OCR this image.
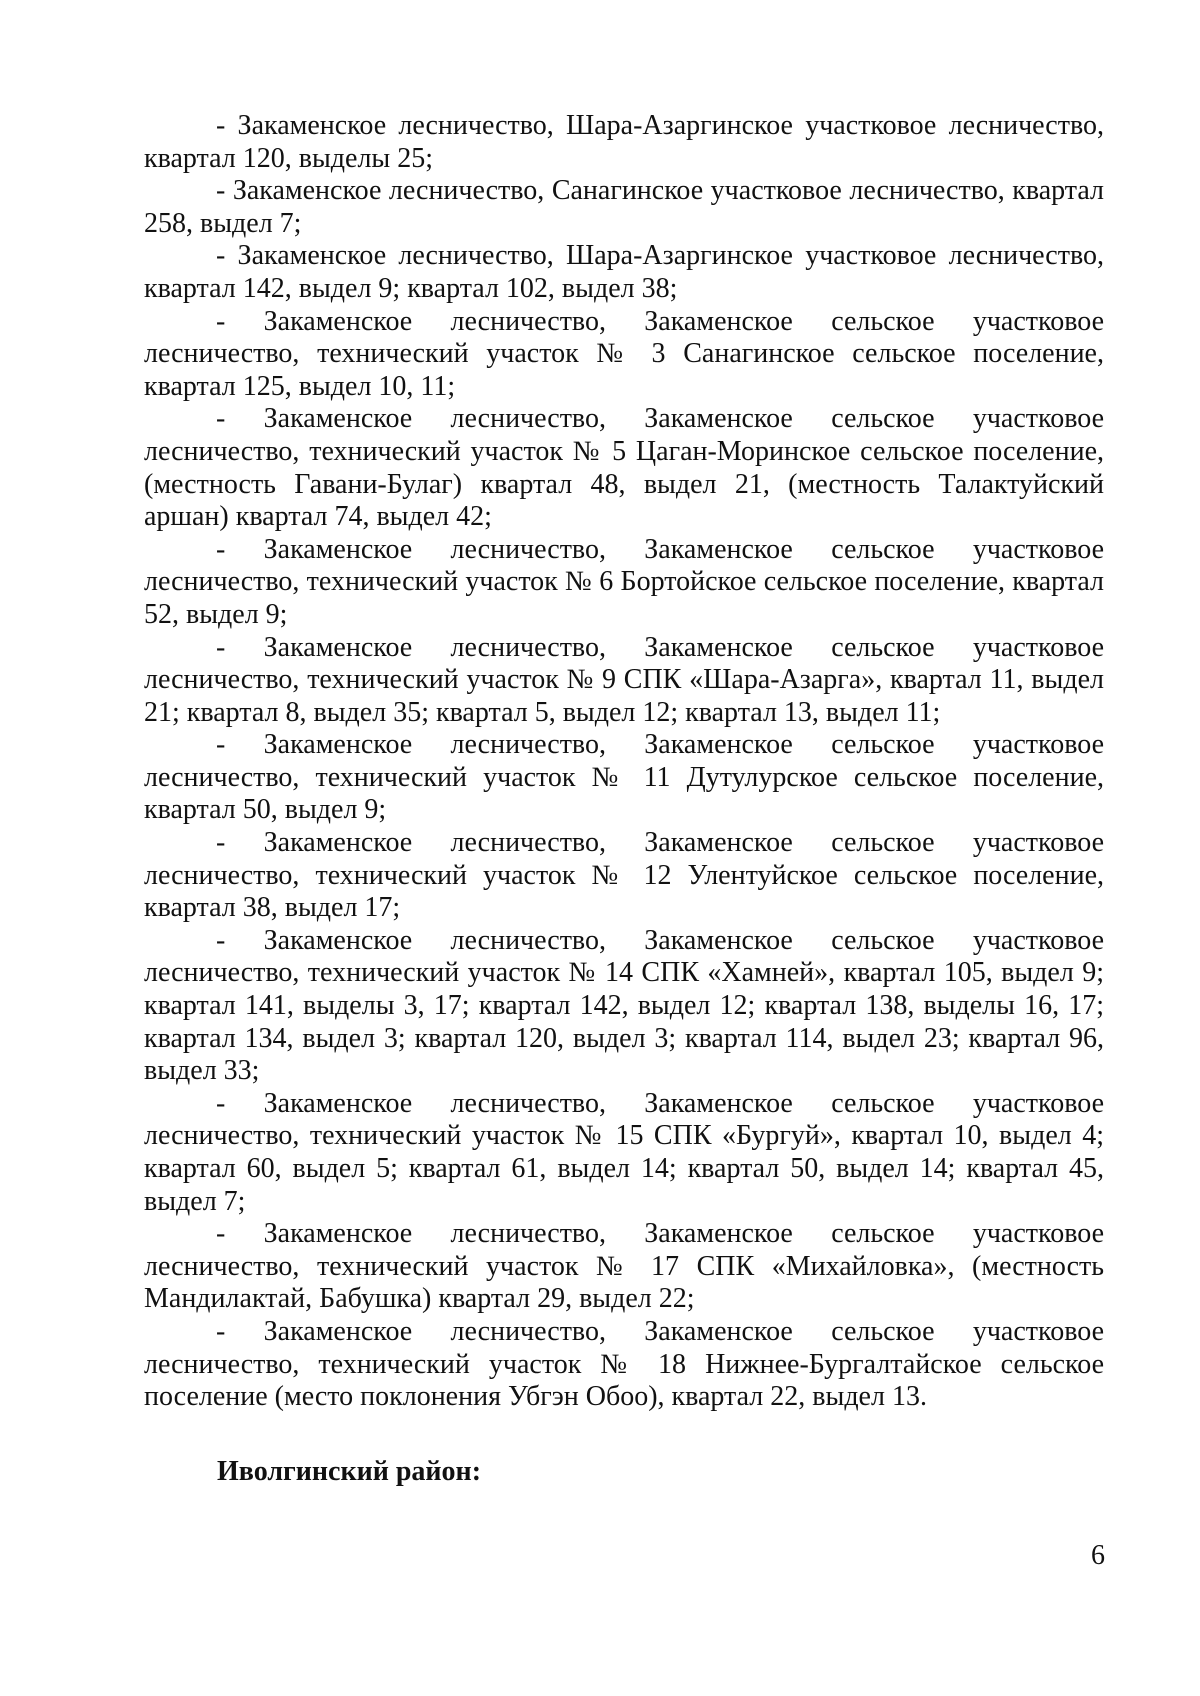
- Закаменское лесничество, Шара-Азаргинское участковое лесничество, квартал 120, выделы 25;

- Закаменское лесничество, Санагинское участковое лесничество, квартал 258, выдел 7;

- Закаменское лесничество, Шара-Азаргинское участковое лесничество, квартал 142, выдел 9; квартал 102, выдел 38;

- Закаменское лесничество, Закаменское сельское участковое лесничество, технический участок № 3 Санагинское сельское поселение, квартал 125, выдел 10, 11;

- Закаменское лесничество, Закаменское сельское участковое лесничество, технический участок № 5 Цаган-Моринское сельское поселение, (местность Гавани-Булаг) квартал 48, выдел 21, (местность Талактуйский аршан) квартал 74, выдел 42;

- Закаменское лесничество, Закаменское сельское участковое лесничество, технический участок № 6 Бортойское сельское поселение, квартал 52, выдел 9;

- Закаменское лесничество, Закаменское сельское участковое лесничество, технический участок № 9 СПК «Шара-Азарга», квартал 11, выдел 21; квартал 8, выдел 35; квартал 5, выдел 12; квартал 13, выдел 11;

- Закаменское лесничество, Закаменское сельское участковое лесничество, технический участок № 11 Дутулурское сельское поселение, квартал 50, выдел 9;

- Закаменское лесничество, Закаменское сельское участковое лесничество, технический участок № 12 Улентуйское сельское поселение, квартал 38, выдел 17;

- Закаменское лесничество, Закаменское сельское участковое лесничество, технический участок № 14 СПК «Хамней», квартал 105, выдел 9; квартал 141, выделы 3, 17; квартал 142, выдел 12; квартал 138, выделы 16, 17; квартал 134, выдел 3; квартал 120, выдел 3; квартал 114, выдел 23; квартал 96, выдел 33;

- Закаменское лесничество, Закаменское сельское участковое лесничество, технический участок № 15 СПК «Бургуй», квартал 10, выдел 4; квартал 60, выдел 5; квартал 61, выдел 14; квартал 50, выдел 14; квартал 45, выдел 7;

- Закаменское лесничество, Закаменское сельское участковое лесничество, технический участок № 17 СПК «Михайловка», (местность Мандилактай, Бабушка) квартал 29, выдел 22;

- Закаменское лесничество, Закаменское сельское участковое лесничество, технический участок № 18 Нижнее-Бургалтайское сельское поселение (место поклонения Убгэн Обоо), квартал 22, выдел 13.

Иволгинский район:

6
